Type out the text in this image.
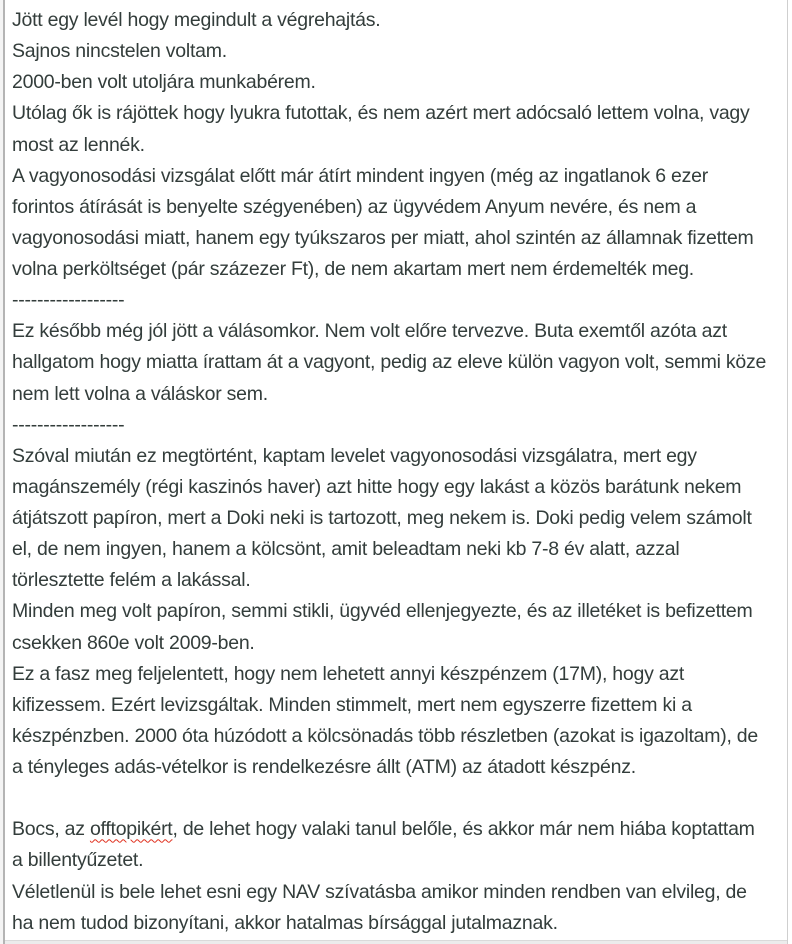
Jött egy levél hogy megindult a végrehajtás.
Sajnos nincstelen voltam.
2000-ben volt utoljára munkabérem.
Utólag ők is rájöttek hogy lyukra futottak, és nem azért mert adócsaló lettem volna, vagy
most az lennék.
A vagyonosodási vizsgálat előtt már átírt mindent ingyen (még az ingatlanok 6 ezer
forintos átírását is benyelte szégyenében) az ügyvédem Anyum nevére, és nem a
vagyonosodási miatt, hanem egy tyúkszaros per miatt, ahol szintén az államnak fizettem
volna perköltséget (pár százezer Ft), de nem akartam mert nem érdemelték meg.
------------------
Ez később még jól jött a válásomkor. Nem volt előre tervezve. Buta exemtől azóta azt
hallgatom hogy miatta írattam át a vagyont, pedig az eleve külön vagyon volt, semmi köze
nem lett volna a váláskor sem.
------------------
Szóval miután ez megtörtént, kaptam levelet vagyonosodási vizsgálatra, mert egy
magánszemély (régi kaszinós haver) azt hitte hogy egy lakást a közös barátunk nekem
átjátszott papíron, mert a Doki neki is tartozott, meg nekem is. Doki pedig velem számolt
el, de nem ingyen, hanem a kölcsönt, amit beleadtam neki kb 7-8 év alatt, azzal
törlesztette felém a lakással.
Minden meg volt papíron, semmi stikli, ügyvéd ellenjegyezte, és az illetéket is befizettem
csekken 860e volt 2009-ben.
Ez a fasz meg feljelentett, hogy nem lehetett annyi készpénzem (17M), hogy azt
kifizessem. Ezért levizsgáltak. Minden stimmelt, mert nem egyszerre fizettem ki a
készpénzben. 2000 óta húzódott a kölcsönadás több részletben (azokat is igazoltam), de
a tényleges adás-vételkor is rendelkezésre állt (ATM) az átadott készpénz.

Bocs, az offtopikért, de lehet hogy valaki tanul belőle, és akkor már nem hiába koptattam
a billentyűzetet.
Véletlenül is bele lehet esni egy NAV szívatásba amikor minden rendben van elvileg, de
ha nem tudod bizonyítani, akkor hatalmas bírsággal jutalmaznak.
